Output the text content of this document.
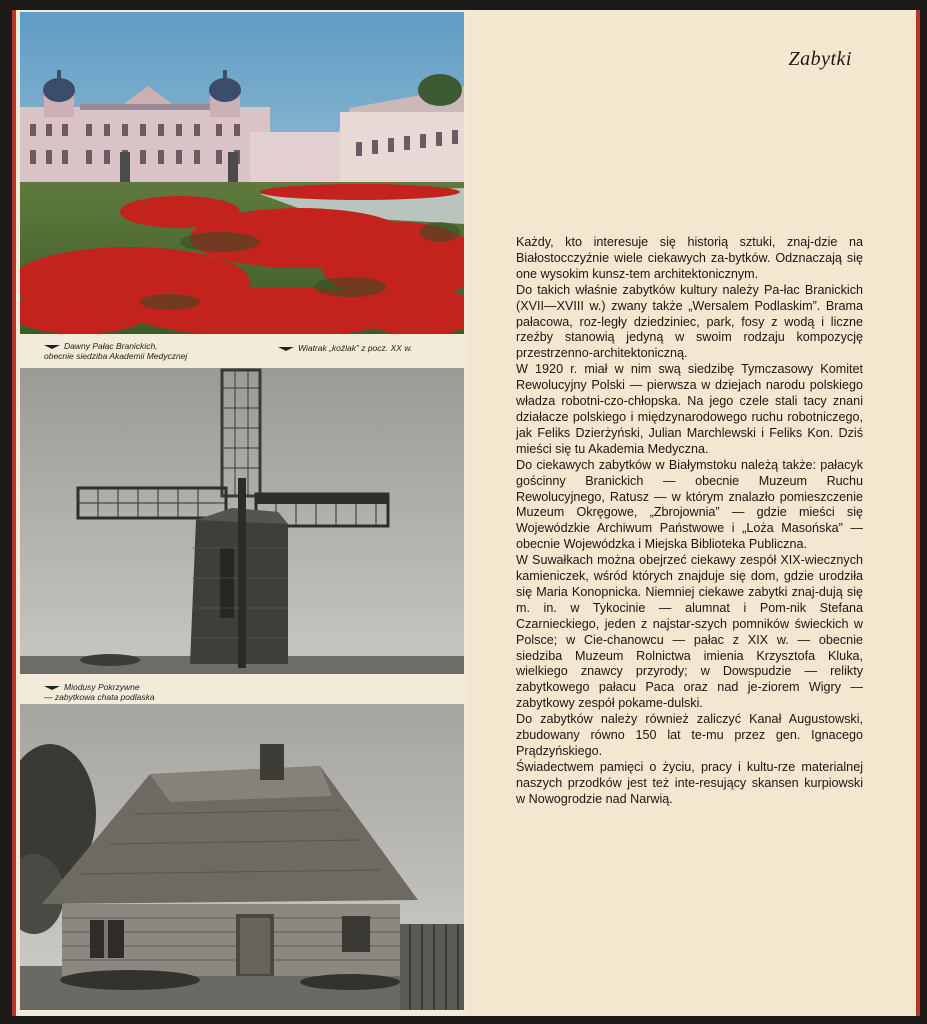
Dawny Pałac Branickich,
obecnie siedziba Akademii Medycznej
Wiatrak „koźlak” z pocz. XX w.
Miodusy Pokrzywne
— zabytkowa chata podlaska
Zabytki

Każdy, kto interesuje się historią sztuki, znaj-dzie na Białostocczyźnie wiele ciekawych za-bytków. Odznaczają się one wysokim kunsz-tem architektonicznym.

Do takich właśnie zabytków kultury należy Pa-łac Branickich (XVII—XVIII w.) zwany także „Wersalem Podlaskim”. Brama pałacowa, roz-legły dziedziniec, park, fosy z wodą i liczne rzeźby stanowią jedyną w swoim rodzaju kompozycję przestrzenno-architektoniczną.

W 1920 r. miał w nim swą siedzibę Tymczasowy Komitet Rewolucyjny Polski — pierwsza w dziejach narodu polskiego władza robotni-czo-chłopska. Na jego czele stali tacy znani działacze polskiego i międzynarodowego ruchu robotniczego, jak Feliks Dzierżyński, Julian Marchlewski i Feliks Kon. Dziś mieści się tu Akademia Medyczna.

Do ciekawych zabytków w Białymstoku należą także: pałacyk gościnny Branickich — obecnie Muzeum Ruchu Rewolucyjnego, Ratusz — w którym znalazło pomieszczenie Muzeum Okręgowe, „Zbrojownia” — gdzie mieści się Wojewódzkie Archiwum Państwowe i „Loża Masońska” — obecnie Wojewódzka i Miejska Biblioteka Publiczna.

W Suwałkach można obejrzeć ciekawy zespół XIX-wiecznych kamieniczek, wśród których znajduje się dom, gdzie urodziła się Maria Konopnicka. Niemniej ciekawe zabytki znaj-dują się m. in. w Tykocinie — alumnat i Pom-nik Stefana Czarnieckiego, jeden z najstar-szych pomników świeckich w Polsce; w Cie-chanowcu — pałac z XIX w. — obecnie siedziba Muzeum Rolnictwa imienia Krzysztofa Kluka, wielkiego znawcy przyrody; w Dowspudzie — relikty zabytkowego pałacu Paca oraz nad je-ziorem Wigry — zabytkowy zespół pokame-dulski.

Do zabytków należy również zaliczyć Kanał Augustowski, zbudowany równo 150 lat te-mu przez gen. Ignacego Prądzyńskiego.

Świadectwem pamięci o życiu, pracy i kultu-rze materialnej naszych przodków jest też inte-resujący skansen kurpiowski w Nowogrodzie nad Narwią.
